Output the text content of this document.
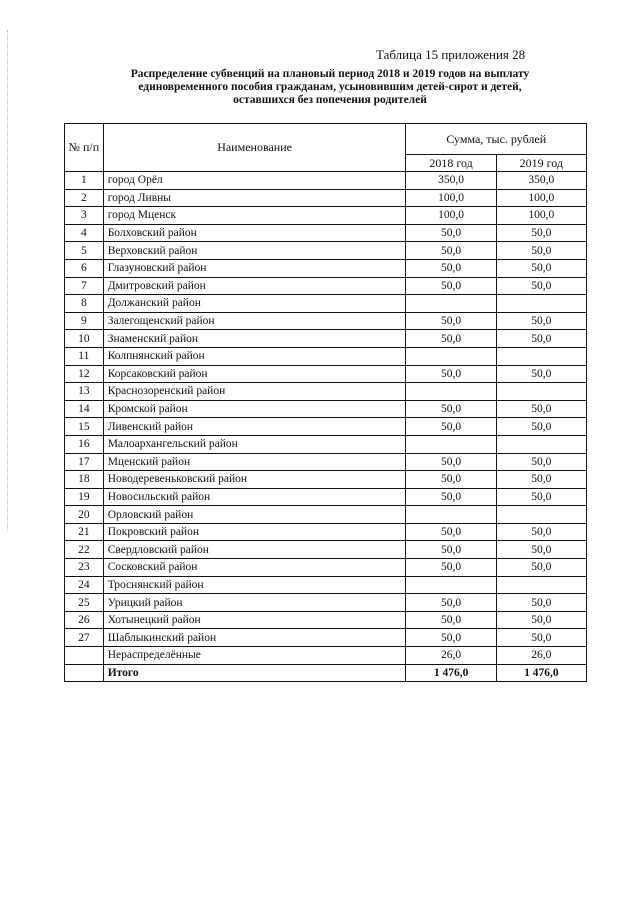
Таблица 15 приложения 28
Распределение субвенций на плановый период 2018 и 2019 годов на выплату
единовременного пособия гражданам, усыновившим детей-сирот и детей,
оставшихся без попечения родителей
№ п/п	Наименование	Сумма, тыс. рублей	
		2018 год	2019 год
1	город Орёл	350,0	350,0
2	город Ливны	100,0	100,0
3	город Мценск	100,0	100,0
4	Болховский район	50,0	50,0
5	Верховский район	50,0	50,0
6	Глазуновский район	50,0	50,0
7	Дмитровский район	50,0	50,0
8	Должанский район		
9	Залегощенский район	50,0	50,0
10	Знаменский район	50,0	50,0
11	Колпнянский район		
12	Корсаковский район	50,0	50,0
13	Краснозоренский район		
14	Кромской район	50,0	50,0
15	Ливенский район	50,0	50,0
16	Малоархангельский район		
17	Мценский район	50,0	50,0
18	Новодеревеньковский район	50,0	50,0
19	Новосильский район	50,0	50,0
20	Орловский район		
21	Покровский район	50,0	50,0
22	Свердловский район	50,0	50,0
23	Сосковский район	50,0	50,0
24	Троснянский район		
25	Урицкий район	50,0	50,0
26	Хотынецкий район	50,0	50,0
27	Шаблыкинский район	50,0	50,0
	Нераспределённые	26,0	26,0
	Итого	1 476,0	1 476,0
